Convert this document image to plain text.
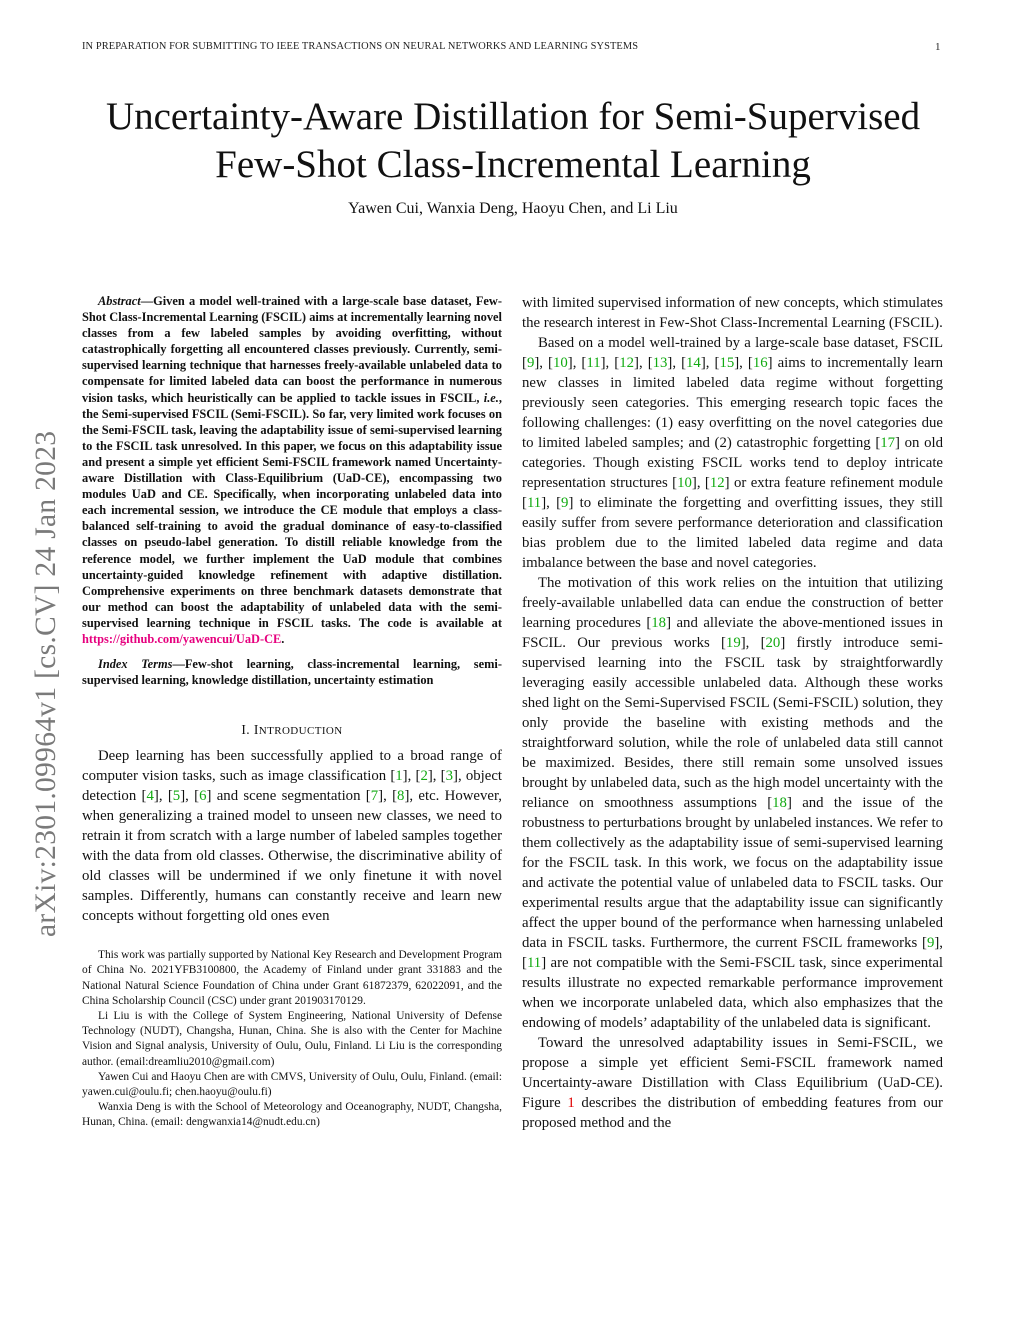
IN PREPARATION FOR SUBMITTING TO IEEE TRANSACTIONS ON NEURAL NETWORKS AND LEARNING SYSTEMS	1
arXiv:2301.09964v1 [cs.CV] 24 Jan 2023
Uncertainty-Aware Distillation for Semi-Supervised
Few-Shot Class-Incremental Learning
Yawen Cui, Wanxia Deng, Haoyu Chen, and Li Liu

Abstract—Given a model well-trained with a large-scale base dataset, Few-Shot Class-Incremental Learning (FSCIL) aims at incrementally learning novel classes from a few labeled samples by avoiding overfitting, without catastrophically forgetting all encountered classes previously. Currently, semi-supervised learning technique that harnesses freely-available unlabeled data to compensate for limited labeled data can boost the performance in numerous vision tasks, which heuristically can be applied to tackle issues in FSCIL, i.e., the Semi-supervised FSCIL (Semi-FSCIL). So far, very limited work focuses on the Semi-FSCIL task, leaving the adaptability issue of semi-supervised learning to the FSCIL task unresolved. In this paper, we focus on this adaptability issue and present a simple yet efficient Semi-FSCIL framework named Uncertainty-aware Distillation with Class-Equilibrium (UaD-CE), encompassing two modules UaD and CE. Specifically, when incorporating unlabeled data into each incremental session, we introduce the CE module that employs a class-balanced self-training to avoid the gradual dominance of easy-to-classified classes on pseudo-label generation. To distill reliable knowledge from the reference model, we further implement the UaD module that combines uncertainty-guided knowledge refinement with adaptive distillation. Comprehensive experiments on three benchmark datasets demonstrate that our method can boost the adaptability of unlabeled data with the semi-supervised learning technique in FSCIL tasks. The code is available at https://github.com/yawencui/UaD-CE.

Index Terms—Few-shot learning, class-incremental learning, semi-supervised learning, knowledge distillation, uncertainty estimation

I. INTRODUCTION

Deep learning has been successfully applied to a broad range of computer vision tasks, such as image classification [1], [2], [3], object detection [4], [5], [6] and scene segmentation [7], [8], etc. However, when generalizing a trained model to unseen new classes, we need to retrain it from scratch with a large number of labeled samples together with the data from old classes. Otherwise, the discriminative ability of old classes will be undermined if we only finetune it with novel samples. Differently, humans can constantly receive and learn new concepts without forgetting old ones even

This work was partially supported by National Key Research and Development Program of China No. 2021YFB3100800, the Academy of Finland under grant 331883 and the National Natural Science Foundation of China under Grant 61872379, 62022091, and the China Scholarship Council (CSC) under grant 201903170129.

Li Liu is with the College of System Engineering, National University of Defense Technology (NUDT), Changsha, Hunan, China. She is also with the Center for Machine Vision and Signal analysis, University of Oulu, Oulu, Finland. Li Liu is the corresponding author. (email:dreamliu2010@gmail.com)

Yawen Cui and Haoyu Chen are with CMVS, University of Oulu, Oulu, Finland. (email: yawen.cui@oulu.fi; chen.haoyu@oulu.fi)

Wanxia Deng is with the School of Meteorology and Oceanography, NUDT, Changsha, Hunan, China. (email: dengwanxia14@nudt.edu.cn)

with limited supervised information of new concepts, which stimulates the research interest in Few-Shot Class-Incremental Learning (FSCIL).

Based on a model well-trained by a large-scale base dataset, FSCIL [9], [10], [11], [12], [13], [14], [15], [16] aims to incrementally learn new classes in limited labeled data regime without forgetting previously seen categories. This emerging research topic faces the following challenges: (1) easy overfitting on the novel categories due to limited labeled samples; and (2) catastrophic forgetting [17] on old categories. Though existing FSCIL works tend to deploy intricate representation structures [10], [12] or extra feature refinement module [11], [9] to eliminate the forgetting and overfitting issues, they still easily suffer from severe performance deterioration and classification bias problem due to the limited labeled data regime and data imbalance between the base and novel categories.

The motivation of this work relies on the intuition that utilizing freely-available unlabelled data can endue the construction of better learning procedures [18] and alleviate the above-mentioned issues in FSCIL. Our previous works [19], [20] firstly introduce semi-supervised learning into the FSCIL task by straightforwardly leveraging easily accessible unlabeled data. Although these works shed light on the Semi-Supervised FSCIL (Semi-FSCIL) solution, they only provide the baseline with existing methods and the straightforward solution, while the role of unlabeled data still cannot be maximized. Besides, there still remain some unsolved issues brought by unlabeled data, such as the high model uncertainty with the reliance on smoothness assumptions [18] and the issue of the robustness to perturbations brought by unlabeled instances. We refer to them collectively as the adaptability issue of semi-supervised learning for the FSCIL task. In this work, we focus on the adaptability issue and activate the potential value of unlabeled data to FSCIL tasks. Our experimental results argue that the adaptability issue can significantly affect the upper bound of the performance when harnessing unlabeled data in FSCIL tasks. Furthermore, the current FSCIL frameworks [9], [11] are not compatible with the Semi-FSCIL task, since experimental results illustrate no expected remarkable performance improvement when we incorporate unlabeled data, which also emphasizes that the endowing of models’ adaptability of the unlabeled data is significant.

Toward the unresolved adaptability issues in Semi-FSCIL, we propose a simple yet efficient Semi-FSCIL framework named Uncertainty-aware Distillation with Class Equilibrium (UaD-CE). Figure 1 describes the distribution of embedding features from our proposed method and the
